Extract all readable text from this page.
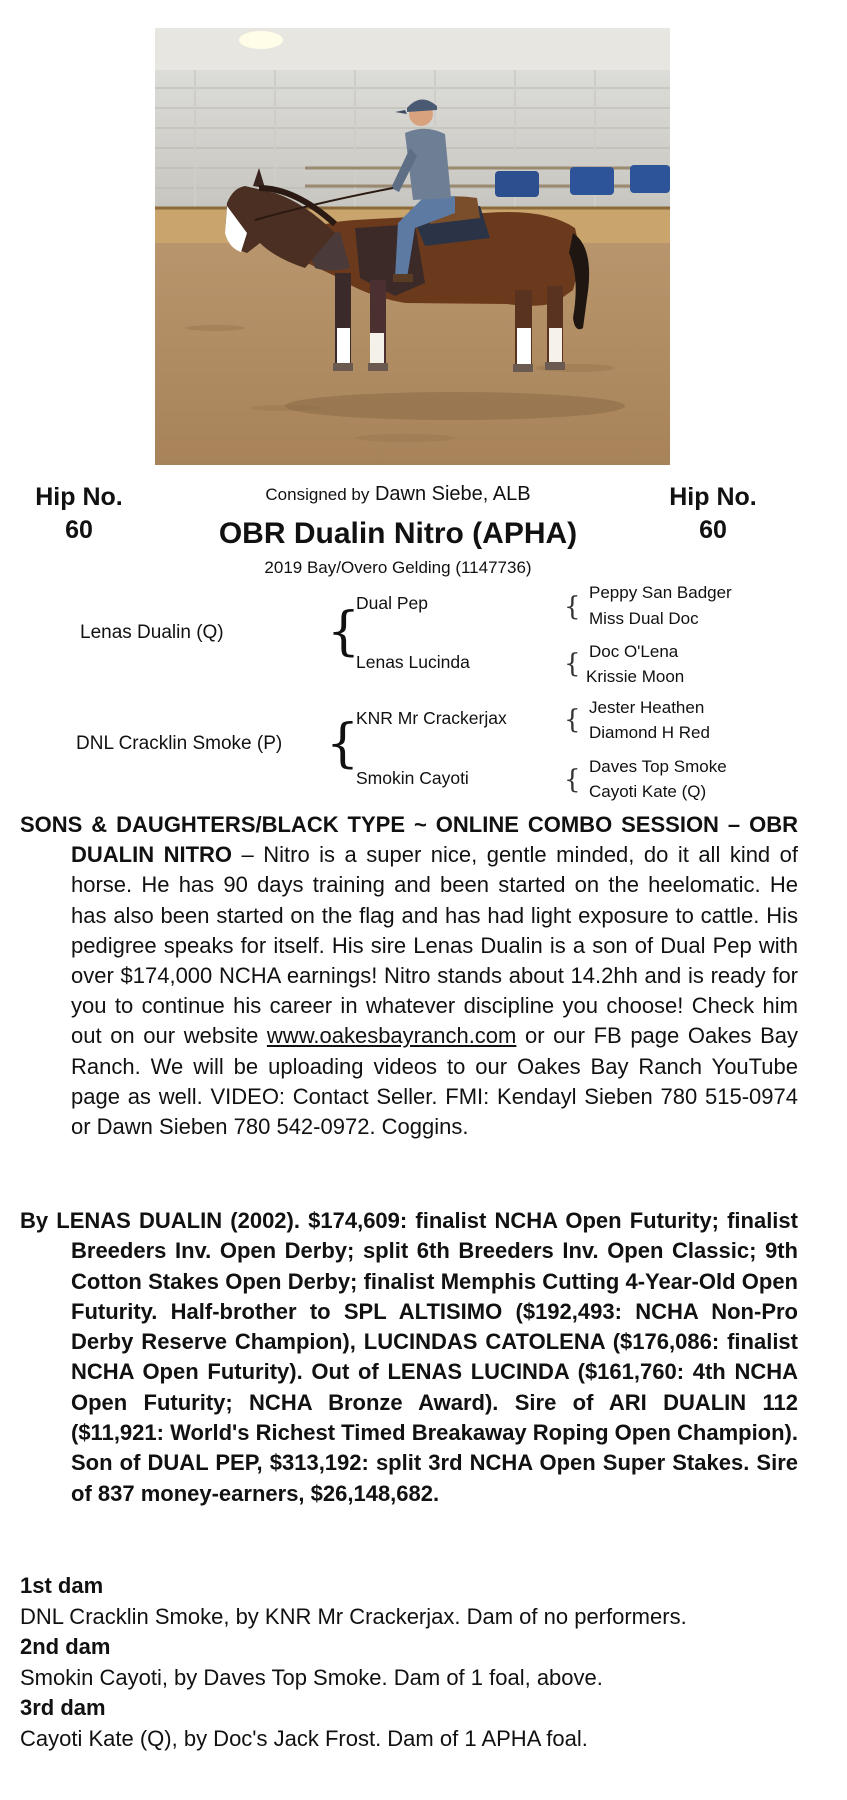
Hip No.
60
Hip No.
60
Consigned by Dawn Siebe, ALB
OBR Dualin Nitro (APHA)
2019 Bay/Overo Gelding (1147736)
Lenas Dualin (Q) {
Dual Pep
Lenas Lucinda
{ Peppy San Badger
Miss Dual Doc
{ Doc O'Lena
Krissie Moon
DNL Cracklin Smoke (P) {
KNR Mr Crackerjax
Smokin Cayoti
{ Jester Heathen
Diamond H Red
{ Daves Top Smoke
Cayoti Kate (Q)
SONS & DAUGHTERS/BLACK TYPE ~ ONLINE COMBO SESSION – OBR DUALIN NITRO – Nitro is a super nice, gentle minded, do it all kind of horse. He has 90 days training and been started on the heelomatic. He has also been started on the flag and has had light exposure to cattle. His pedigree speaks for itself. His sire Lenas Dualin is a son of Dual Pep with over $174,000 NCHA earnings! Nitro stands about 14.2hh and is ready for you to continue his career in whatever discipline you choose! Check him out on our website www.oakesbayranch.com or our FB page Oakes Bay Ranch. We will be uploading videos to our Oakes Bay Ranch YouTube page as well. VIDEO: Contact Seller. FMI: Kendayl Sieben 780 515-0974 or Dawn Sieben 780 542-0972. Coggins.
By LENAS DUALIN (2002). $174,609: finalist NCHA Open Futurity; finalist Breeders Inv. Open Derby; split 6th Breeders Inv. Open Classic; 9th Cotton Stakes Open Derby; finalist Memphis Cutting 4-Year-Old Open Futurity. Half-brother to SPL ALTISIMO ($192,493: NCHA Non-Pro Derby Reserve Champion), LUCINDAS CATOLENA ($176,086: finalist NCHA Open Futurity). Out of LENAS LUCINDA ($161,760: 4th NCHA Open Futurity; NCHA Bronze Award). Sire of ARI DUALIN 112 ($11,921: World's Richest Timed Breakaway Roping Open Champion). Son of DUAL PEP, $313,192: split 3rd NCHA Open Super Stakes. Sire of 837 money-earners, $26,148,682.
1st dam
DNL Cracklin Smoke, by KNR Mr Crackerjax. Dam of no performers.
2nd dam
Smokin Cayoti, by Daves Top Smoke. Dam of 1 foal, above.
3rd dam
Cayoti Kate (Q), by Doc's Jack Frost. Dam of 1 APHA foal.
